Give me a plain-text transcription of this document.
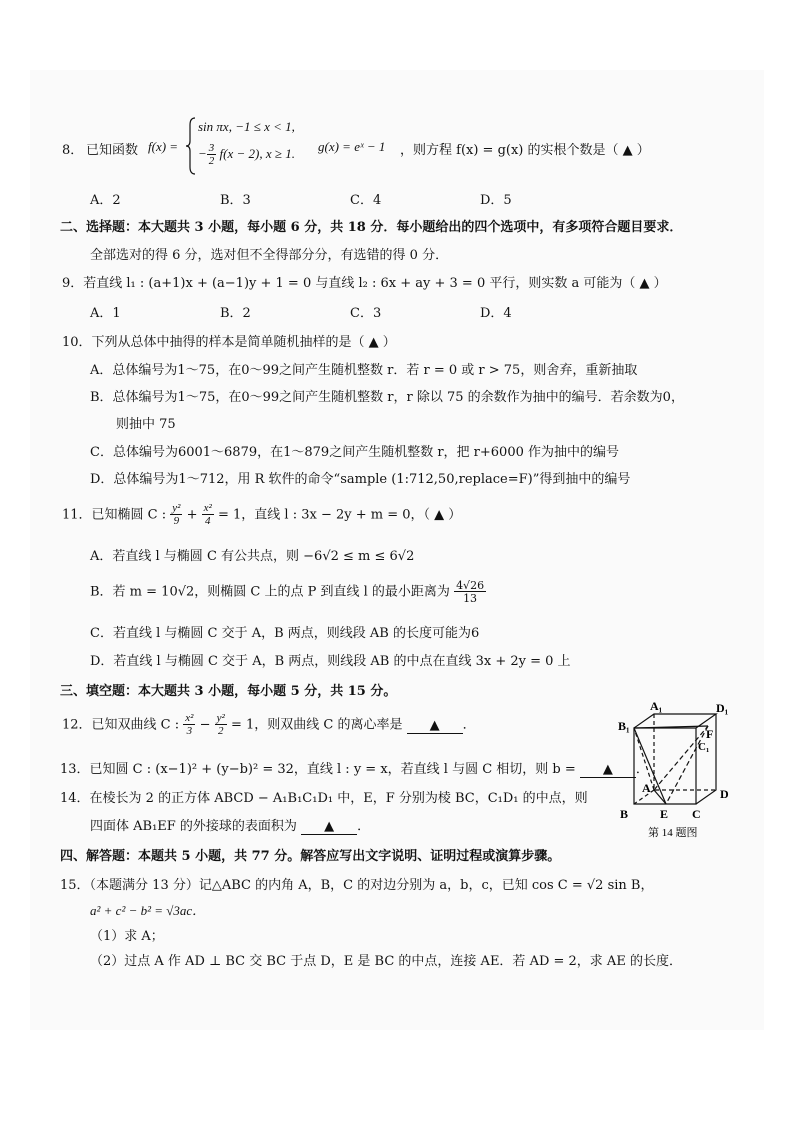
8． 已知函数 f(x) =
sin πx, −1 ≤ x < 1,
− $\frac{3}{2} f(x - 2)$, x ≥ 1. g(x) = eˣ − 1 ，则方程 f(x) = g(x) 的实根个数是（ ▲ ）
A．2	B．3	C．4	D．5
二、选择题：本大题共 3 小题，每小题 6 分，共 18 分．每小题给出的四个选项中，有多项符合题目要求．
全部选对的得 6 分，选对但不全得部分分，有选错的得 0 分．
9．若直线 l₁ : (a+1)x + (a−1)y + 1 = 0 与直线 l₂ : 6x + ay + 3 = 0 平行，则实数 a 可能为（ ▲ ）
A．1	B．2	C．3	D．4
10．下列从总体中抽得的样本是简单随机抽样的是（ ▲ ）
A．总体编号为1～75，在0～99之间产生随机整数 r．若 r = 0 或 r > 75，则舍弃，重新抽取
B．总体编号为1～75，在0～99之间产生随机整数 r，r 除以 75 的余数作为抽中的编号．若余数为0，
则抽中 75
C．总体编号为6001～6879，在1～879之间产生随机整数 r，把 r+6000 作为抽中的编号
D．总体编号为1～712，用 R 软件的命令“sample (1:712,50,replace=F)”得到抽中的编号
11．已知椭圆 C : $\frac{\text{y²}}{9} + \frac{\text{x²}}{4} = 1$，直线 l : 3x − 2y + m = 0，（ ▲ ）
A．若直线 l 与椭圆 C 有公共点，则 −6√2 ≤ m ≤ 6√2
B．若 m = 10√2，则椭圆 C 上的点 P 到直线 l 的最小距离为 $\frac{4√26}{13}$
C．若直线 l 与椭圆 C 交于 A，B 两点，则线段 AB 的长度可能为6
D．若直线 l 与椭圆 C 交于 A，B 两点，则线段 AB 的中点在直线 3x + 2y = 0 上
三、填空题：本大题共 3 小题，每小题 5 分，共 15 分。
12．已知双曲线 C : $\frac{\text{x²}}{3} - \frac{\text{y²}}{2} = 1$，则双曲线 C 的离心率是 ▲ ．
13．已知圆 C : (x−1)² + (y−b)² = 32，直线 l : y = x，若直线 l 与圆 C 相切，则 b = ▲ ．
14．在棱长为 2 的正方体 ABCD − A₁B₁C₁D₁ 中，E，F 分别为棱 BC，C₁D₁ 的中点，则
四面体 AB₁EF 的外接球的表面积为 ▲ ．
A₁	D₁
B₁
F
C₁
A	D
B	E C
第 14 题图
四、解答题：本题共 5 小题，共 77 分。解答应写出文字说明、证明过程或演算步骤。
15．（本题满分 13 分）记△ABC 的内角 A，B，C 的对边分别为 a，b，c，已知 cos C = √2 sin B，
a² + c² − b² = √3ac．
（1）求 A；
（2）过点 A 作 AD ⊥ BC 交 BC 于点 D，E 是 BC 的中点，连接 AE．若 AD = 2，求 AE 的长度．
